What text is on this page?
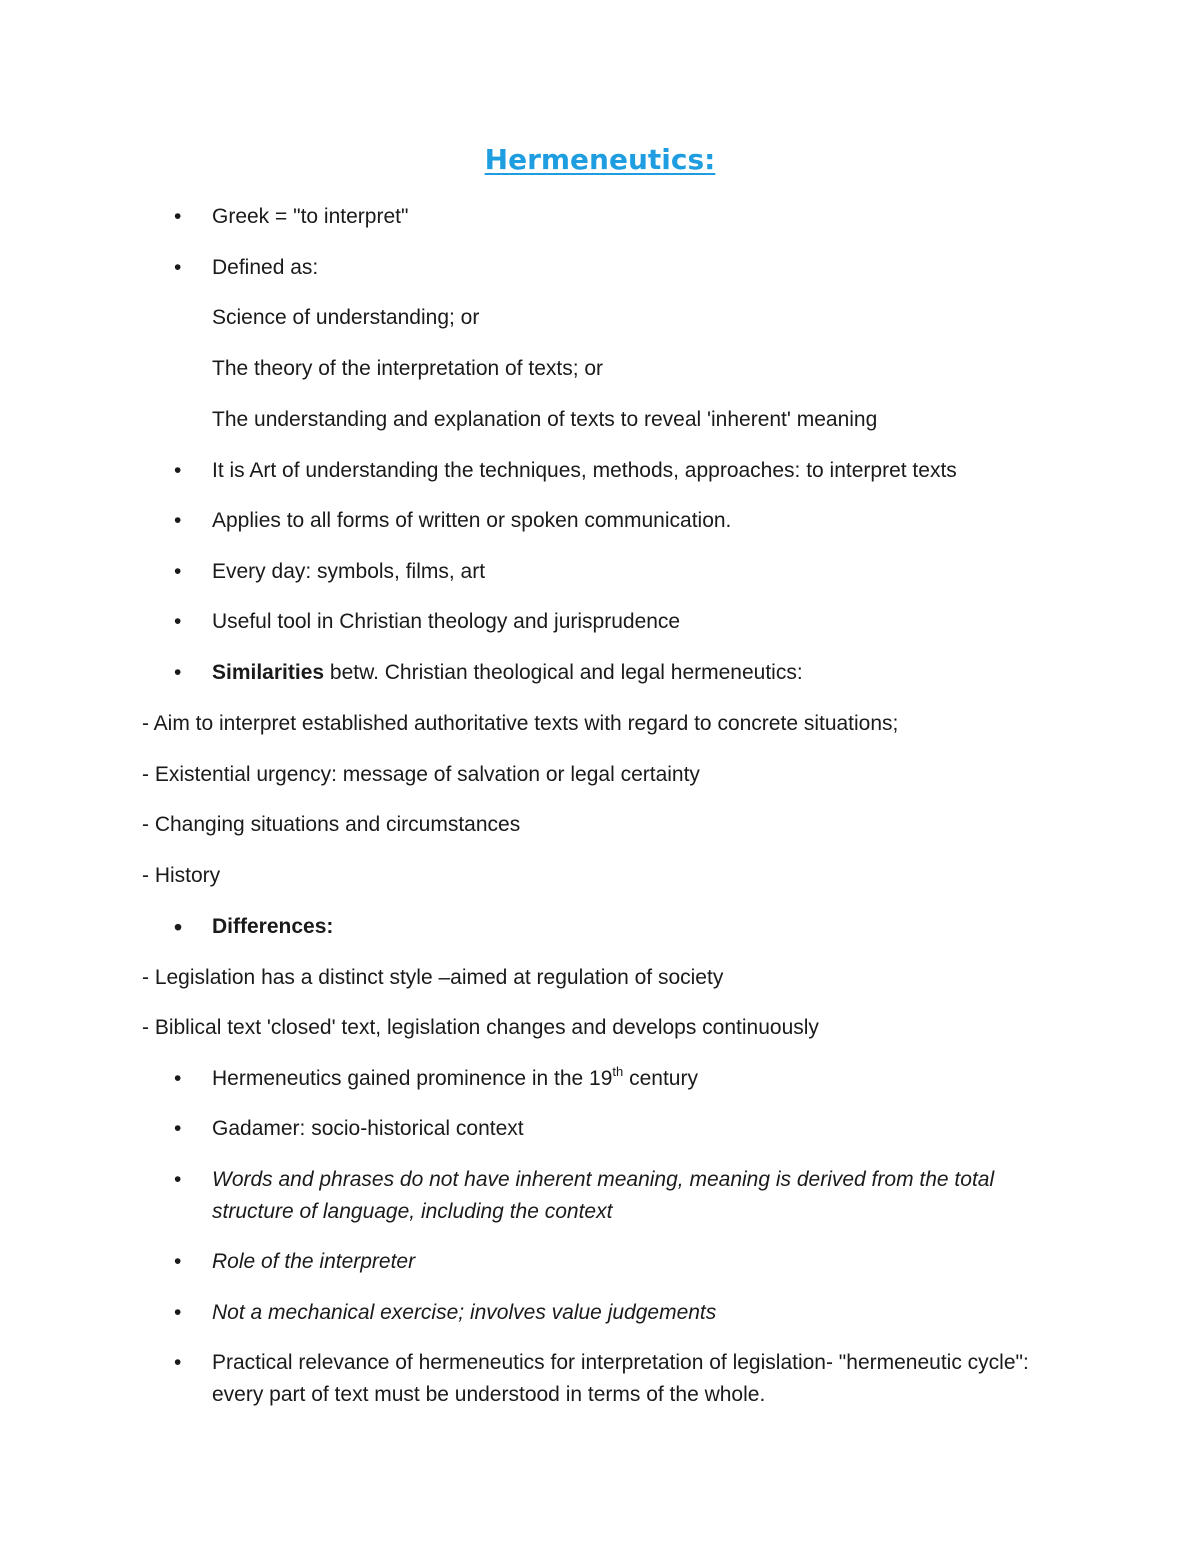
Hermeneutics:
•	Greek = "to interpret"
•	Defined as:
Science of understanding; or
The theory of the interpretation of texts; or
The understanding and explanation of texts to reveal 'inherent' meaning
•	It is Art of understanding the techniques, methods, approaches: to interpret texts
•	Applies to all forms of written or spoken communication.
•	Every day: symbols, films, art
•	Useful tool in Christian theology and jurisprudence
•	Similarities betw. Christian theological and legal hermeneutics:
- Aim to interpret established authoritative texts with regard to concrete situations;
- Existential urgency: message of salvation or legal certainty
- Changing situations and circumstances
- History
•	Differences:
- Legislation has a distinct style –aimed at regulation of society
- Biblical text 'closed' text, legislation changes and develops continuously
•	Hermeneutics gained prominence in the 19th century
•	Gadamer: socio-historical context
•	Words and phrases do not have inherent meaning, meaning is derived from the total structure of language, including the context
•	Role of the interpreter
•	Not a mechanical exercise; involves value judgements
•	Practical relevance of hermeneutics for interpretation of legislation- "hermeneutic cycle": every part of text must be understood in terms of the whole.
